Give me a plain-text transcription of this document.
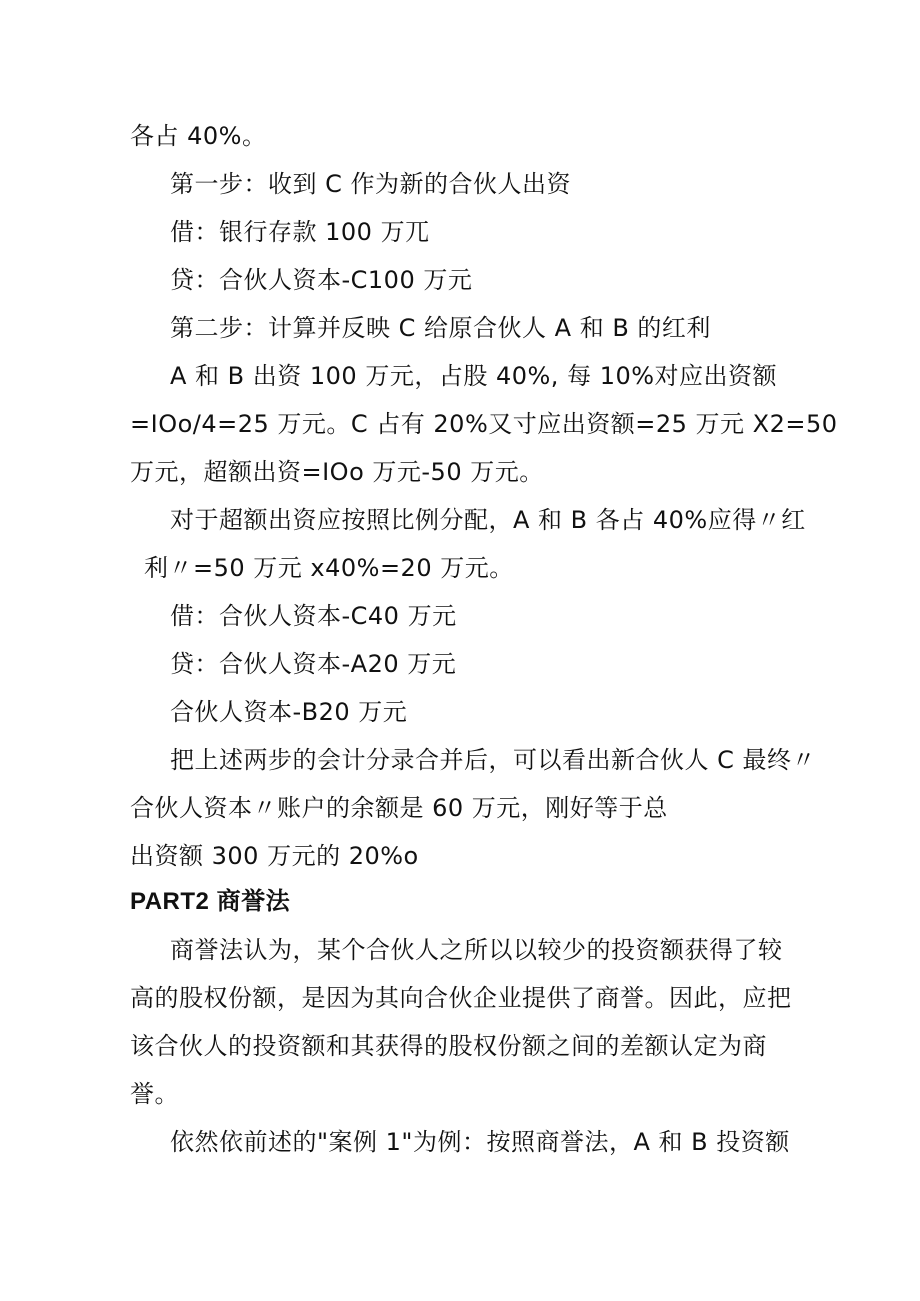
各占 40%。
第一步：收到 C 作为新的合伙人出资
借：银行存款 100 万兀
贷：合伙人资本-C100 万元
第二步：计算并反映 C 给原合伙人 A 和 B 的红利
A 和 B 出资 100 万元，占股 40%, 每 10%对应出资额
=IOo/4=25 万元。C 占有 20%又寸应出资额=25 万元 X2=50
万元，超额出资=IOo 万元-50 万元。
对于超额出资应按照比例分配，A 和 B 各占 40%应得〃红
利〃=50 万元 x40%=20 万元。
借：合伙人资本-C40 万元
贷：合伙人资本-A20 万元
合伙人资本-B20 万元
把上述两步的会计分录合并后，可以看出新合伙人 C 最终〃
合伙人资本〃账户的余额是 60 万元，刚好等于总
出资额 300 万元的 20%o
PART2 商誉法
商誉法认为，某个合伙人之所以以较少的投资额获得了较
高的股权份额，是因为其向合伙企业提供了商誉。因此，应把
该合伙人的投资额和其获得的股权份额之间的差额认定为商
誉。
依然依前述的"案例 1"为例：按照商誉法，A 和 B 投资额
